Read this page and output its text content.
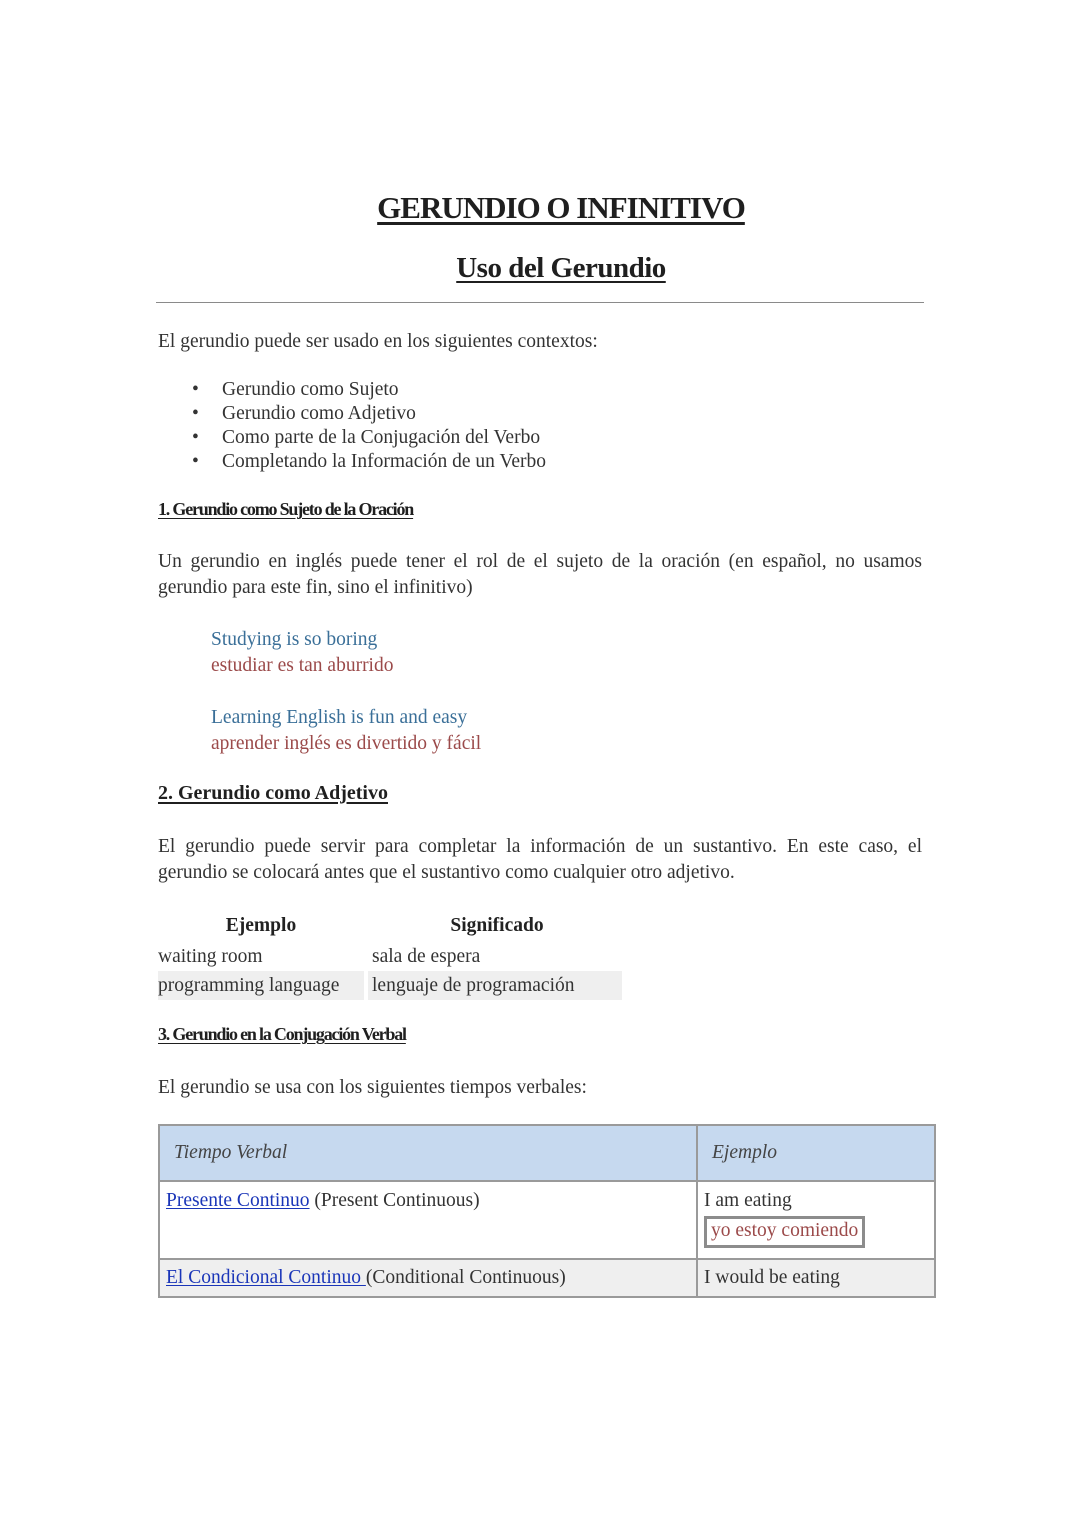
GERUNDIO O INFINITIVO
Uso del Gerundio
El gerundio puede ser usado en los siguientes contextos:
• Gerundio como Sujeto
• Gerundio como Adjetivo
• Como parte de la Conjugación del Verbo
• Completando la Información de un Verbo
1. Gerundio como Sujeto de la Oración
Un gerundio en inglés puede tener el rol de el sujeto de la oración (en español, no usamos gerundio para este fin, sino el infinitivo)
Studying is so boring
estudiar es tan aburrido
Learning English is fun and easy
aprender inglés es divertido y fácil
2. Gerundio como Adjetivo
El gerundio puede servir para completar la información de un sustantivo. En este caso, el gerundio se colocará antes que el sustantivo como cualquier otro adjetivo.
Ejemplo		Significado
waiting room		sala de espera
programming language		lenguaje de programación
3. Gerundio en la Conjugación Verbal
El gerundio se usa con los siguientes tiempos verbales:
Tiempo Verbal	Ejemplo
Presente Continuo (Present Continuous)	I am eating
yo estoy comiendo
El Condicional Continuo (Conditional Continuous)	I would be eating
